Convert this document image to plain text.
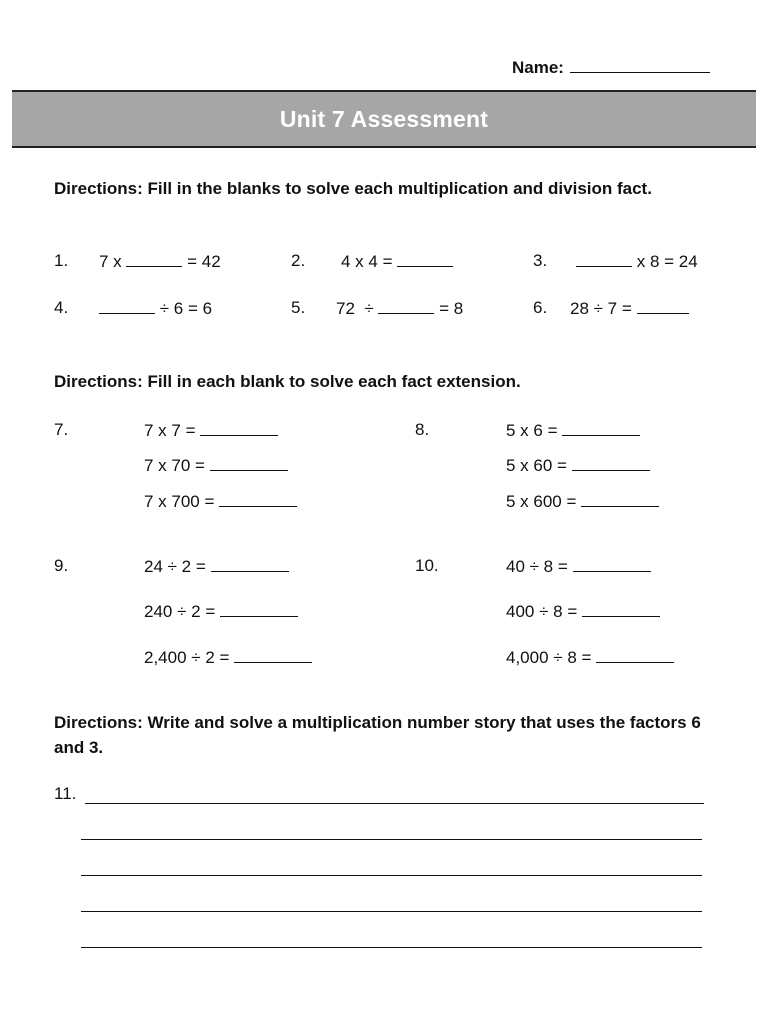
Name:
Unit 7 Assessment
Directions: Fill in the blanks to solve each multiplication and division fact.
1. 7 x	= 42	2. 4 x 4 =	3.	x 8 = 24
4.	÷ 6 = 6	5. 72  ÷	= 8	6. 28 ÷ 7 =
Directions: Fill in each blank to solve each fact extension.
7.	7 x 7 =
7 x 70 =
7 x 700 =
8.	5 x 6 =
5 x 60 =
5 x 600 =
9.	24 ÷ 2 =
240 ÷ 2 =
2,400 ÷ 2 =
10.	40 ÷ 8 =
400 ÷ 8 =
4,000 ÷ 8 =
Directions: Write and solve a multiplication number story that uses the factors 6 and 3.
11.
